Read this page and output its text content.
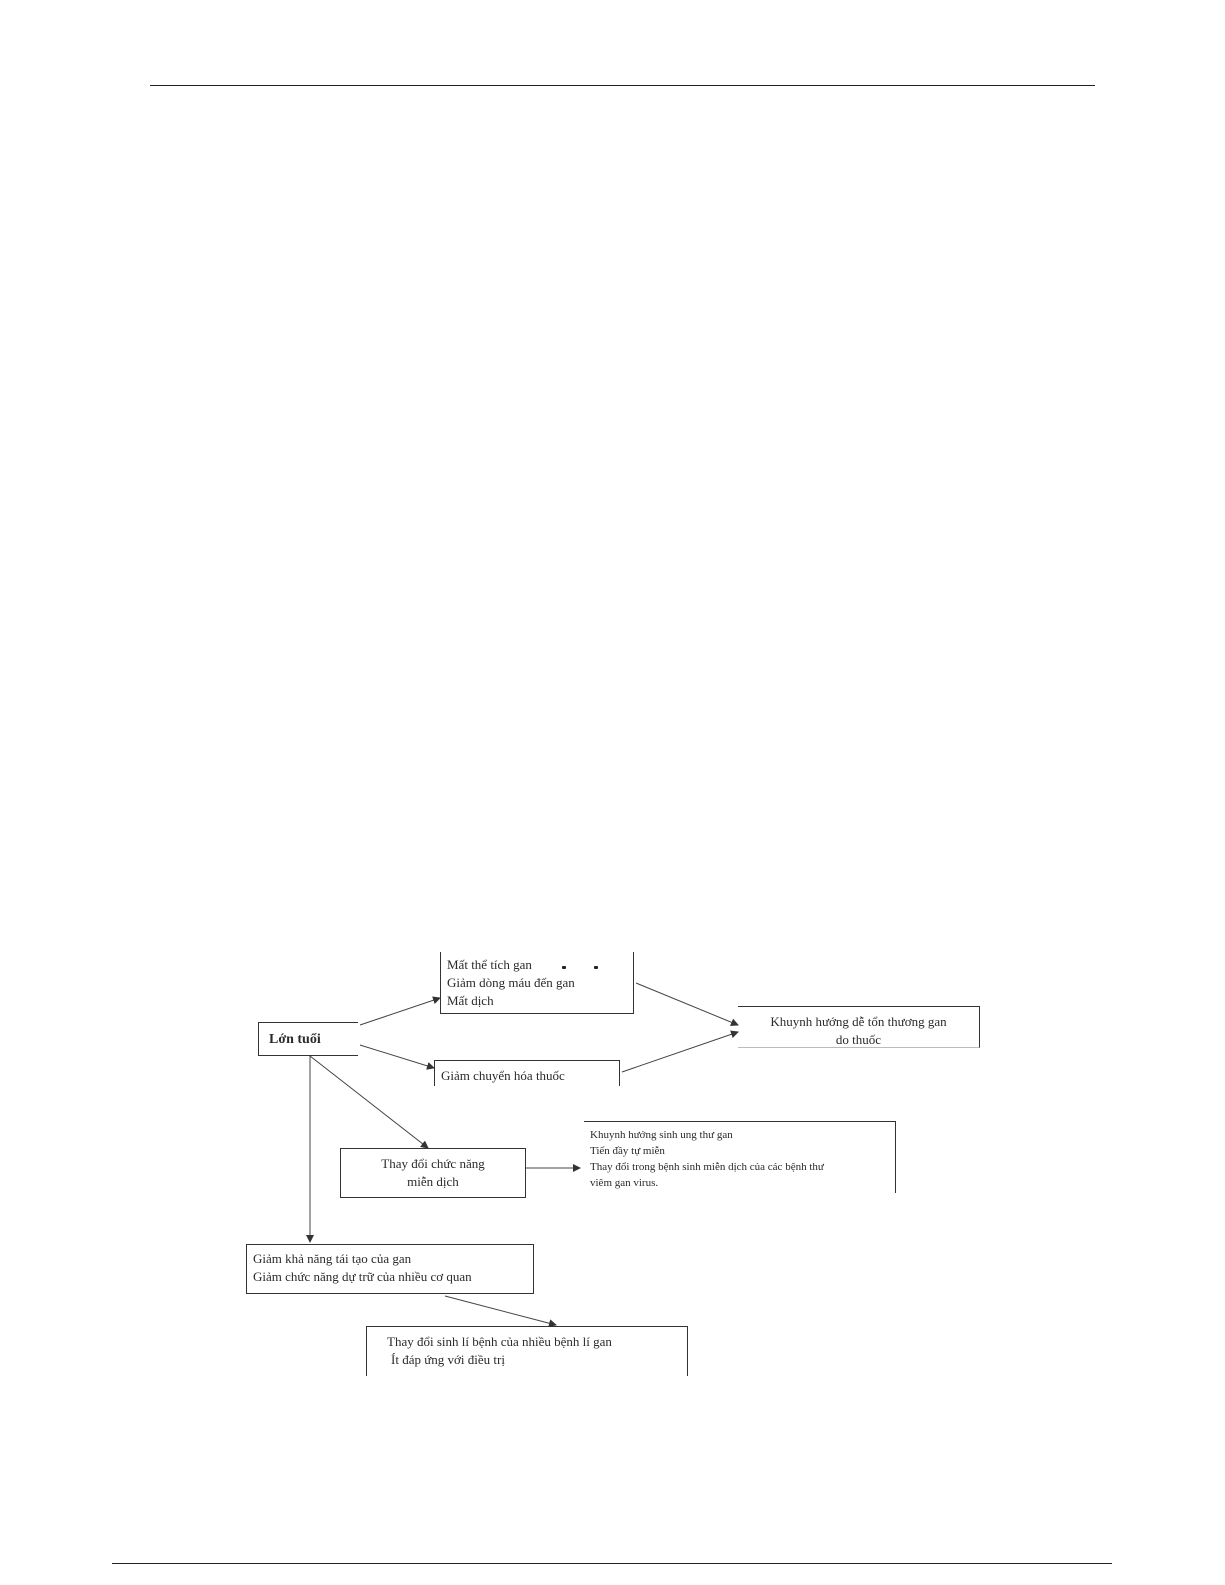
Lớn tuổi
Mất thể tích gan
Giảm dòng máu đến gan
Mất dịch
Giảm chuyển hóa thuốc
Khuynh hướng dễ tổn thương gan
do thuốc
Thay đổi chức năng
miễn dịch
Khuynh hướng sinh ung thư gan
Tiến đầy tự miễn
Thay đổi trong bệnh sinh miễn dịch của các bệnh thư
viêm gan virus.
Giảm khả năng tái tạo của gan
Giảm chức năng dự trữ của nhiều cơ quan
Thay đổi sinh lí bệnh của nhiều bệnh lí gan
Ít đáp ứng với điều trị
